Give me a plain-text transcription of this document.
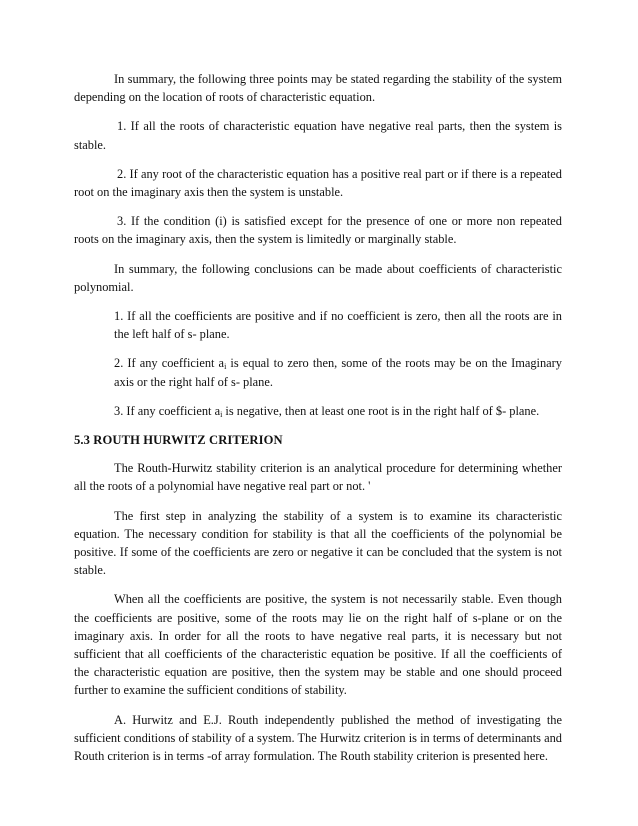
In summary, the following three points may be stated regarding the stability of the system depending on the location of roots of characteristic equation.

1. If all the roots of characteristic equation have negative real parts, then the system is stable.

2. If any root of the characteristic equation has a positive real part or if there is a repeated root on the imaginary axis then the system is unstable.

3. If the condition (i) is satisfied except for the presence of one or more non repeated roots on the imaginary axis, then the system is limitedly or marginally stable.

In summary, the following conclusions can be made about coefficients of characteristic polynomial.

1. If all the coefficients are positive and if no coefficient is zero, then all the roots are in the left half of s- plane.

2. If any coefficient $a_i$ is equal to zero then, some of the roots may be on the Imaginary axis or the right half of s- plane.

3. If any coefficient $a_i$ is negative, then at least one root is in the right half of $- plane.

5.3 ROUTH HURWITZ CRITERION

The Routh-Hurwitz stability criterion is an analytical procedure for determining whether all the roots of a polynomial have negative real part or not. '

The first step in analyzing the stability of a system is to examine its characteristic equation. The necessary condition for stability is that all the coefficients of the polynomial be positive. If some of the coefficients are zero or negative it can be concluded that the system is not stable.

When all the coefficients are positive, the system is not necessarily stable. Even though the coefficients are positive, some of the roots may lie on the right half of s-plane or on the imaginary axis. In order for all the roots to have negative real parts, it is necessary but not sufficient that all coefficients of the characteristic equation be positive. If all the coefficients of the characteristic equation are positive, then the system may be stable and one should proceed further to examine the sufficient conditions of stability.

A. Hurwitz and E.J. Routh independently published the method of investigating the sufficient conditions of stability of a system. The Hurwitz criterion is in terms of determinants and Routh criterion is in terms -of array formulation. The Routh stability criterion is presented here.
